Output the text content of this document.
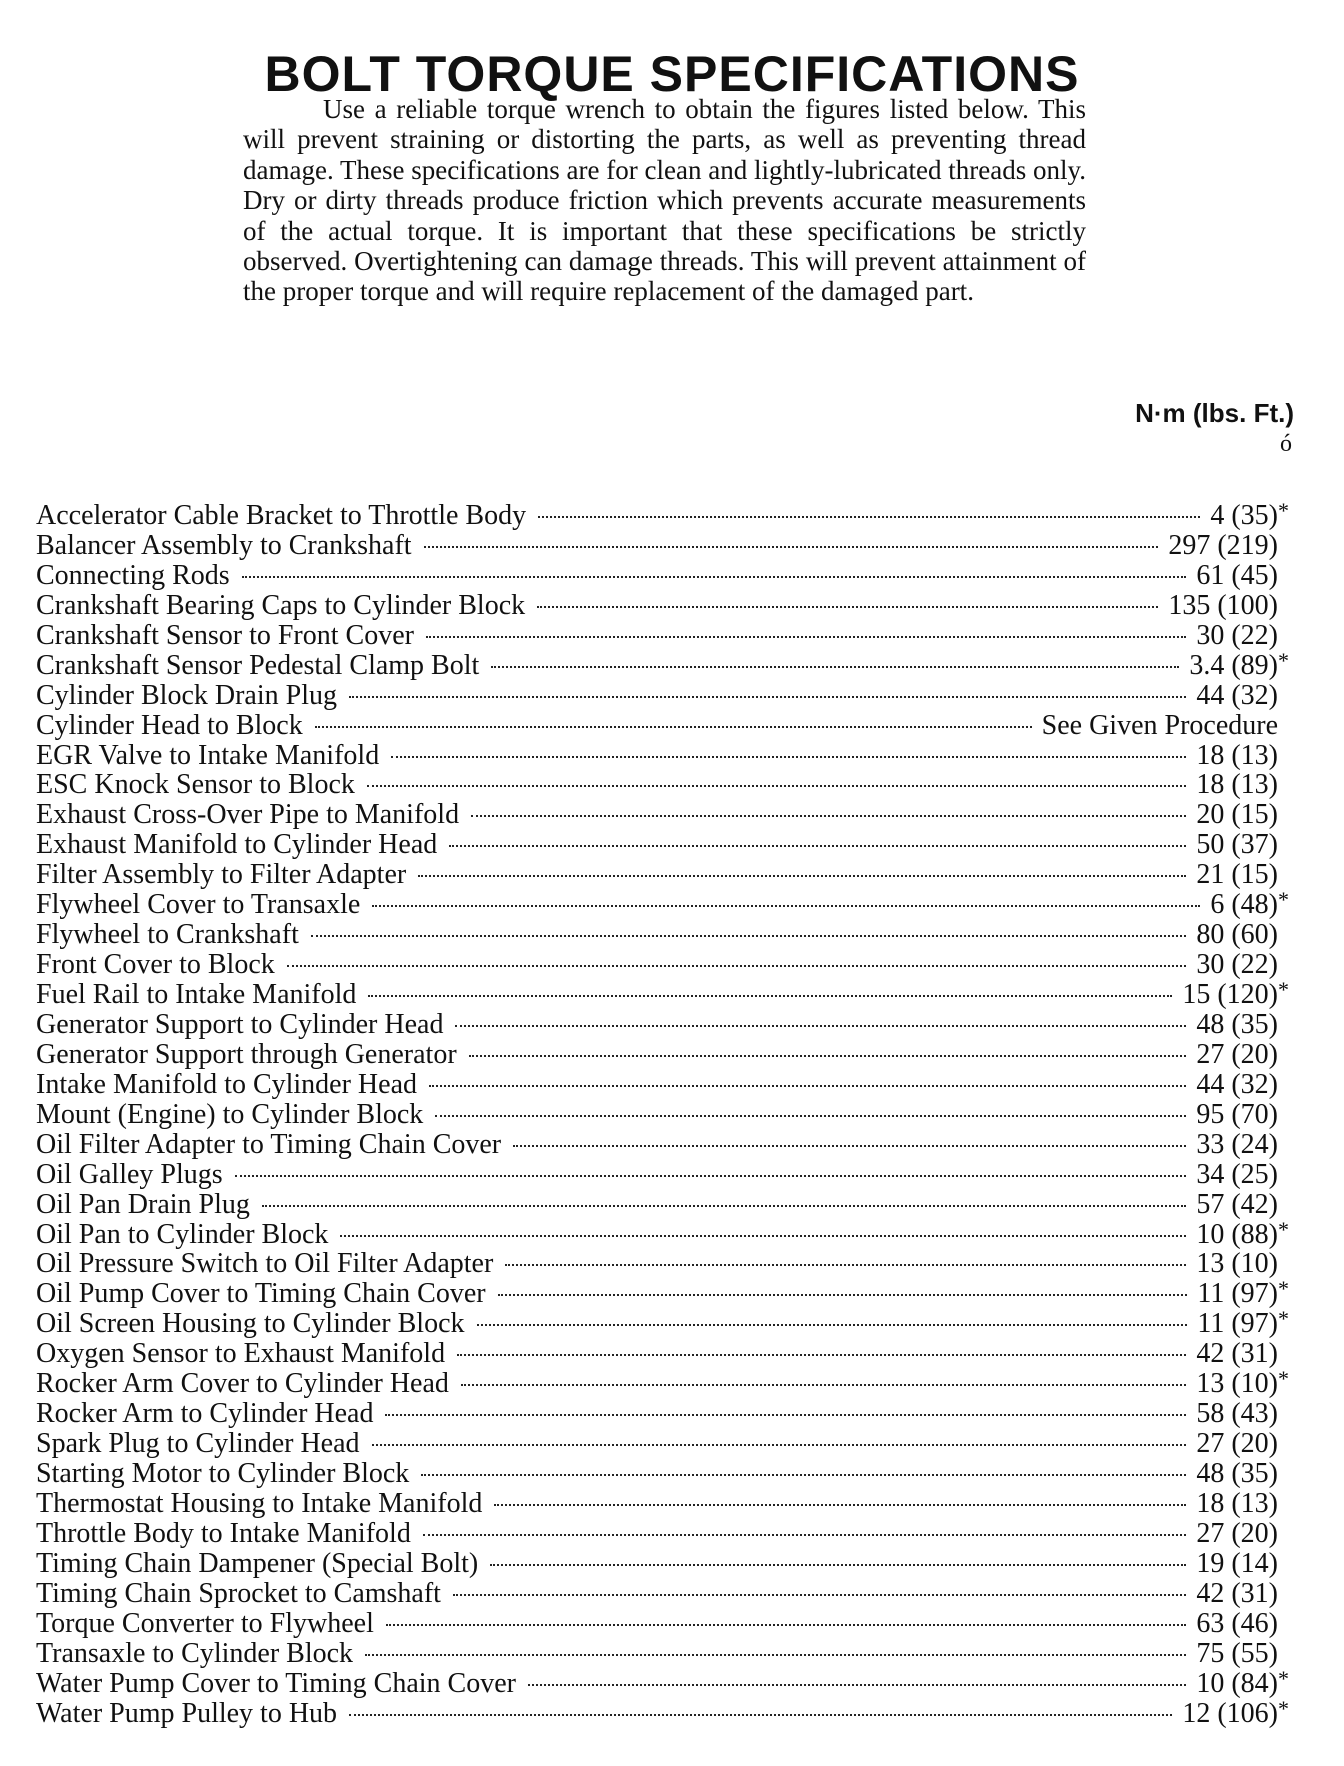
BOLT TORQUE SPECIFICATIONS

Use a reliable torque wrench to obtain the figures listed below. This will prevent straining or distorting the parts, as well as preventing thread damage. These specifications are for clean and lightly-lubricated threads only. Dry or dirty threads produce friction which prevents accurate measurements of the actual torque. It is important that these specifications be strictly observed. Overtightening can damage threads. This will prevent attainment of the proper torque and will require replacement of the damaged part.

N·m (lbs. Ft.)
ó
Accelerator Cable Bracket to Throttle Body	4 (35) *
Balancer Assembly to Crankshaft	297 (219)
Connecting Rods	61 (45)
Crankshaft Bearing Caps to Cylinder Block	135 (100)
Crankshaft Sensor to Front Cover	30 (22)
Crankshaft Sensor Pedestal Clamp Bolt	3.4 (89) *
Cylinder Block Drain Plug	44 (32)
Cylinder Head to Block	See Given Procedure
EGR Valve to Intake Manifold	18 (13)
ESC Knock Sensor to Block	18 (13)
Exhaust Cross-Over Pipe to Manifold	20 (15)
Exhaust Manifold to Cylinder Head	50 (37)
Filter Assembly to Filter Adapter	21 (15)
Flywheel Cover to Transaxle	6 (48) *
Flywheel to Crankshaft	80 (60)
Front Cover to Block	30 (22)
Fuel Rail to Intake Manifold	15 (120) *
Generator Support to Cylinder Head	48 (35)
Generator Support through Generator	27 (20)
Intake Manifold to Cylinder Head	44 (32)
Mount (Engine) to Cylinder Block	95 (70)
Oil Filter Adapter to Timing Chain Cover	33 (24)
Oil Galley Plugs	34 (25)
Oil Pan Drain Plug	57 (42)
Oil Pan to Cylinder Block	10 (88) *
Oil Pressure Switch to Oil Filter Adapter	13 (10)
Oil Pump Cover to Timing Chain Cover	11 (97) *
Oil Screen Housing to Cylinder Block	11 (97) *
Oxygen Sensor to Exhaust Manifold	42 (31)
Rocker Arm Cover to Cylinder Head	13 (10) *
Rocker Arm to Cylinder Head	58 (43)
Spark Plug to Cylinder Head	27 (20)
Starting Motor to Cylinder Block	48 (35)
Thermostat Housing to Intake Manifold	18 (13)
Throttle Body to Intake Manifold	27 (20)
Timing Chain Dampener (Special Bolt)	19 (14)
Timing Chain Sprocket to Camshaft	42 (31)
Torque Converter to Flywheel	63 (46)
Transaxle to Cylinder Block	75 (55)
Water Pump Cover to Timing Chain Cover	10 (84) *
Water Pump Pulley to Hub	12 (106) *
